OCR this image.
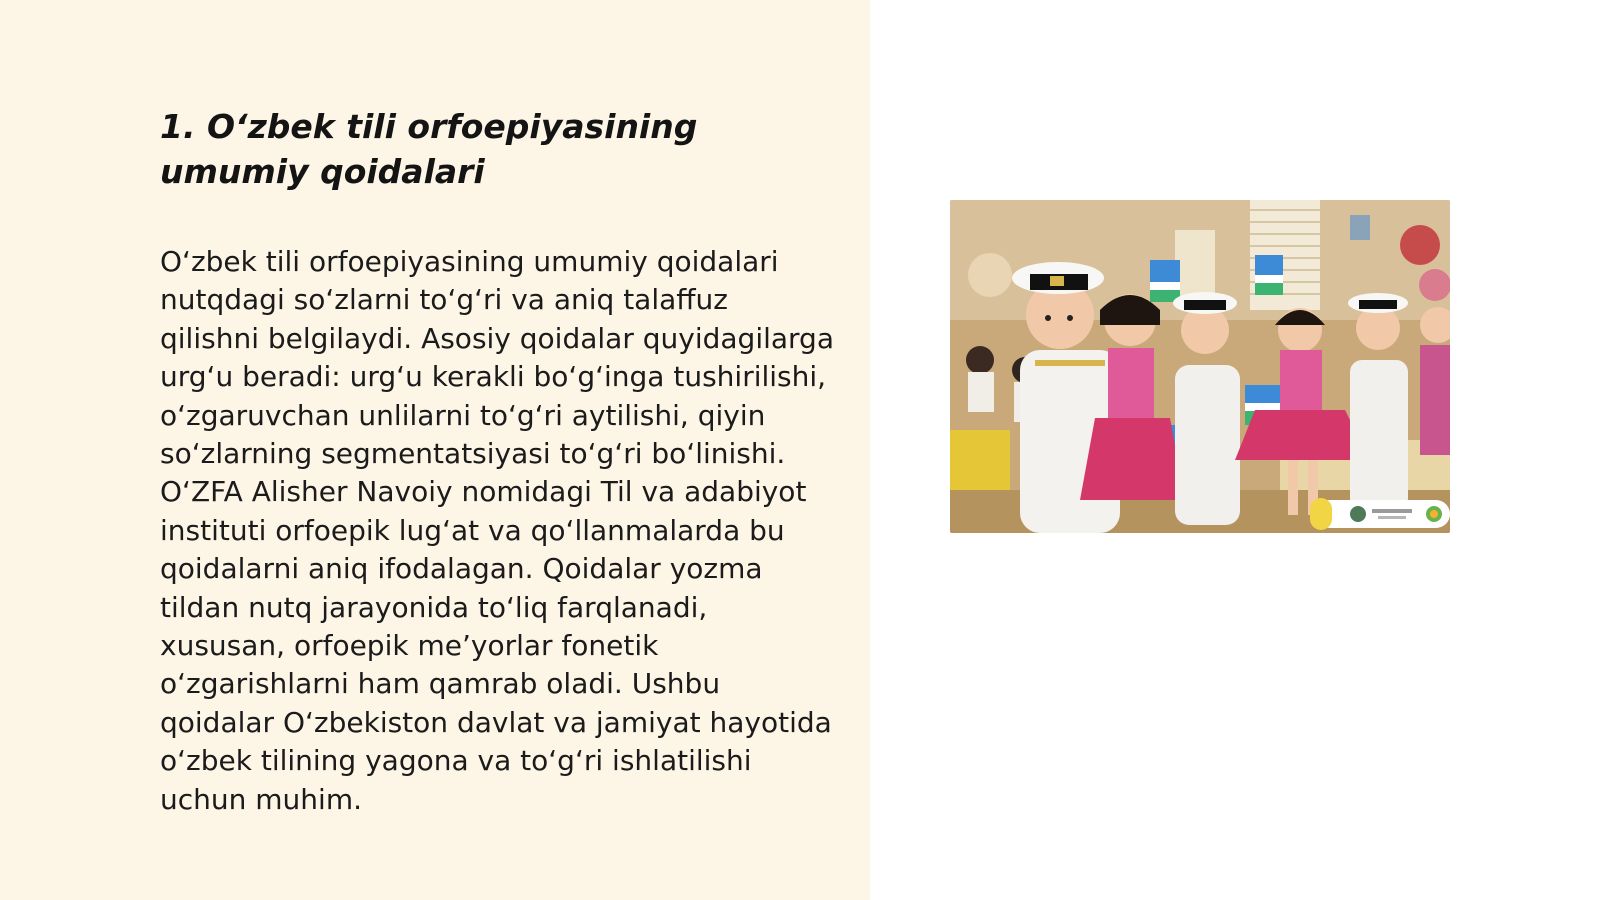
1. O‘zbek tili orfoepiyasining umumiy qoidalari

O‘zbek tili orfoepiyasining umumiy qoidalari nutqdagi so‘zlarni to‘g‘ri va aniq talaffuz qilishni belgilaydi. Asosiy qoidalar quyidagilarga urg‘u beradi: urg‘u kerakli bo‘g‘inga tushirilishi, o‘zgaruvchan unlilarni to‘g‘ri aytilishi, qiyin so‘zlarning segmentatsiyasi to‘g‘ri bo‘linishi. O‘ZFA Alisher Navoiy nomidagi Til va adabiyot instituti orfoepik lug‘at va qo‘llanmalarda bu qoidalarni aniq ifodalagan. Qoidalar yozma tildan nutq jarayonida to‘liq farqlanadi, xususan, orfoepik me’yorlar fonetik o‘zgarishlarni ham qamrab oladi. Ushbu qoidalar O‘zbekiston davlat va jamiyat hayotida o‘zbek tilining yagona va to‘g‘ri ishlatilishi uchun muhim.
